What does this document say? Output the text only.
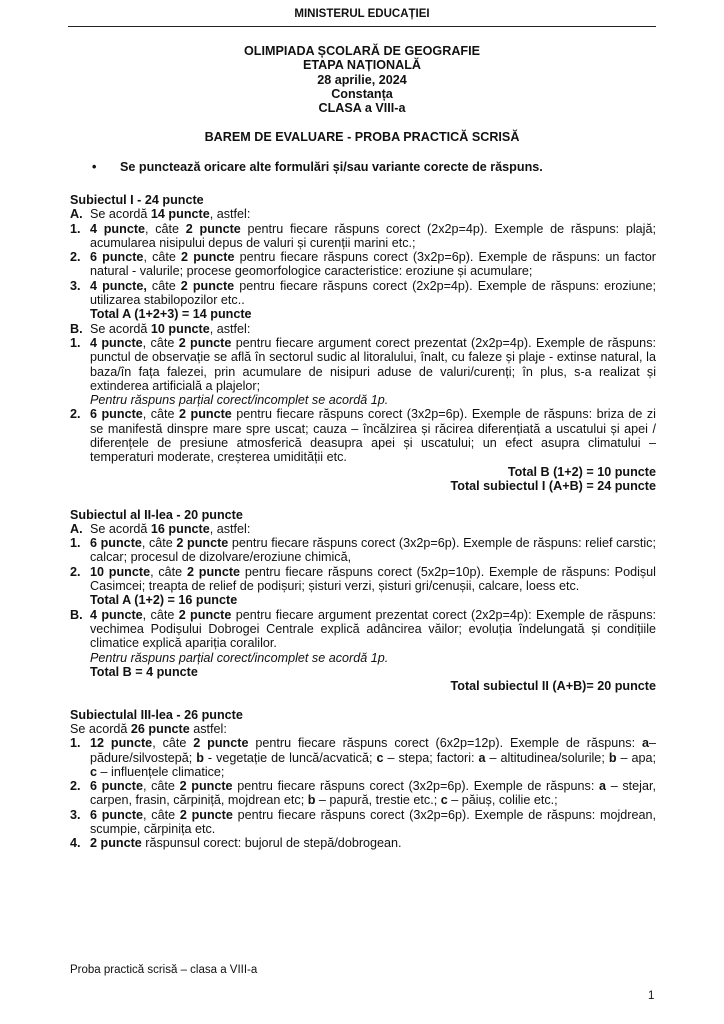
MINISTERUL EDUCAȚIEI
OLIMPIADA ȘCOLARĂ DE GEOGRAFIE
ETAPA NAȚIONALĂ
28 aprilie, 2024
Constanța
CLASA a VIII-a
BAREM DE EVALUARE - PROBA PRACTICĂ SCRISĂ
• Se punctează oricare alte formulări și/sau variante corecte de răspuns.
Subiectul I - 24 puncte
A. Se acordă 14 puncte, astfel:
1. 4 puncte, câte 2 puncte pentru fiecare răspuns corect (2x2p=4p). Exemple de răspuns: plajă; acumularea nisipului depus de valuri și curenții marini etc.;
2. 6 puncte, câte 2 puncte pentru fiecare răspuns corect (3x2p=6p). Exemple de răspuns: un factor natural - valurile; procese geomorfologice caracteristice: eroziune și acumulare;
3. 4 puncte, câte 2 puncte pentru fiecare răspuns corect (2x2p=4p). Exemple de răspuns: eroziune; utilizarea stabilopozilor etc..
Total A (1+2+3) = 14 puncte
B. Se acordă 10 puncte, astfel:
1. 4 puncte, câte 2 puncte pentru fiecare argument corect prezentat (2x2p=4p). Exemple de răspuns: punctul de observație se află în sectorul sudic al litoralului, înalt, cu faleze și plaje - extinse natural, la baza/în fața falezei, prin acumulare de nisipuri aduse de valuri/curenți; în plus, s-a realizat și extinderea artificială a plajelor;
Pentru răspuns parțial corect/incomplet se acordă 1p.
2. 6 puncte, câte 2 puncte pentru fiecare răspuns corect (3x2p=6p). Exemple de răspuns: briza de zi se manifestă dinspre mare spre uscat; cauza – încălzirea și răcirea diferențiată a uscatului și apei / diferențele de presiune atmosferică deasupra apei și uscatului; un efect asupra climatului – temperaturi moderate, creșterea umidității etc.
Total B (1+2) = 10 puncte
Total subiectul I (A+B) = 24 puncte
Subiectul al II-lea - 20 puncte
A. Se acordă 16 puncte, astfel:
1. 6 puncte, câte 2 puncte pentru fiecare răspuns corect (3x2p=6p). Exemple de răspuns: relief carstic; calcar; procesul de dizolvare/eroziune chimică,
2. 10 puncte, câte 2 puncte pentru fiecare răspuns corect (5x2p=10p). Exemple de răspuns: Podișul Casimcei; treapta de relief de podișuri; șisturi verzi, șisturi gri/cenușii, calcare, loess etc.
Total A (1+2) = 16 puncte
B. 4 puncte, câte 2 puncte pentru fiecare argument prezentat corect (2x2p=4p): Exemple de răspuns: vechimea Podișului Dobrogei Centrale explică adâncirea văilor; evoluția îndelungată și condițiile climatice explică apariția coralilor.
Pentru răspuns parțial corect/incomplet se acordă 1p.
Total B = 4 puncte
Total subiectul II (A+B)= 20 puncte
Subiectulal III-lea - 26 puncte
Se acordă 26 puncte astfel:
1. 12 puncte, câte 2 puncte pentru fiecare răspuns corect (6x2p=12p). Exemple de răspuns: a– pădure/silvostepă; b - vegetație de luncă/acvatică; c – stepa; factori: a – altitudinea/solurile; b – apa; c – influențele climatice;
2. 6 puncte, câte 2 puncte pentru fiecare răspuns corect (3x2p=6p). Exemple de răspuns: a – stejar, carpen, frasin, cărpiniță, mojdrean etc; b – papură, trestie etc.; c – păiuș, colilie etc.;
3. 6 puncte, câte 2 puncte pentru fiecare răspuns corect (3x2p=6p). Exemple de răspuns: mojdrean, scumpie, cărpinița etc.
4. 2 puncte răspunsul corect: bujorul de stepă/dobrogean.
Proba practică scrisă – clasa a VIII-a
1
